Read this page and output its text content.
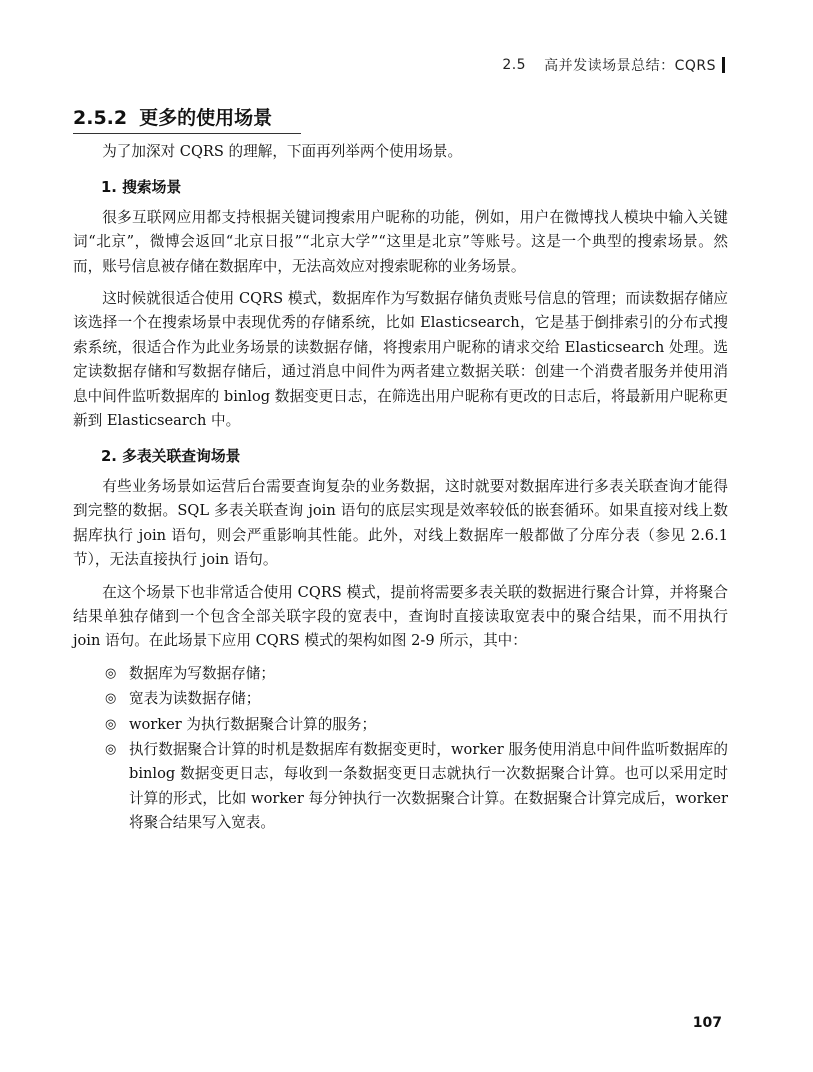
2.5 高并发读场景总结：CQRS
2.5.2 更多的使用场景

为了加深对 CQRS 的理解，下面再列举两个使用场景。

1. 搜索场景

很多互联网应用都支持根据关键词搜索用户昵称的功能，例如，用户在微博找人模块中输入关键词“北京”，微博会返回“北京日报”“北京大学”“这里是北京”等账号。这是一个典型的搜索场景。然而，账号信息被存储在数据库中，无法高效应对搜索昵称的业务场景。

这时候就很适合使用 CQRS 模式，数据库作为写数据存储负责账号信息的管理；而读数据存储应该选择一个在搜索场景中表现优秀的存储系统，比如 Elasticsearch，它是基于倒排索引的分布式搜索系统，很适合作为此业务场景的读数据存储，将搜索用户昵称的请求交给 Elasticsearch 处理。选定读数据存储和写数据存储后，通过消息中间件为两者建立数据关联：创建一个消费者服务并使用消息中间件监听数据库的 binlog 数据变更日志，在筛选出用户昵称有更改的日志后，将最新用户昵称更新到 Elasticsearch 中。

2. 多表关联查询场景

有些业务场景如运营后台需要查询复杂的业务数据，这时就要对数据库进行多表关联查询才能得到完整的数据。SQL 多表关联查询 join 语句的底层实现是效率较低的嵌套循环。如果直接对线上数据库执行 join 语句，则会严重影响其性能。此外，对线上数据库一般都做了分库分表（参见 2.6.1 节），无法直接执行 join 语句。

在这个场景下也非常适合使用 CQRS 模式，提前将需要多表关联的数据进行聚合计算，并将聚合结果单独存储到一个包含全部关联字段的宽表中，查询时直接读取宽表中的聚合结果，而不用执行 join 语句。在此场景下应用 CQRS 模式的架构如图 2-9 所示，其中：

◎ 数据库为写数据存储；
◎ 宽表为读数据存储；
◎ worker 为执行数据聚合计算的服务；
◎ 执行数据聚合计算的时机是数据库有数据变更时，worker 服务使用消息中间件监听数据库的 binlog 数据变更日志，每收到一条数据变更日志就执行一次数据聚合计算。也可以采用定时计算的形式，比如 worker 每分钟执行一次数据聚合计算。在数据聚合计算完成后，worker 将聚合结果写入宽表。
107
